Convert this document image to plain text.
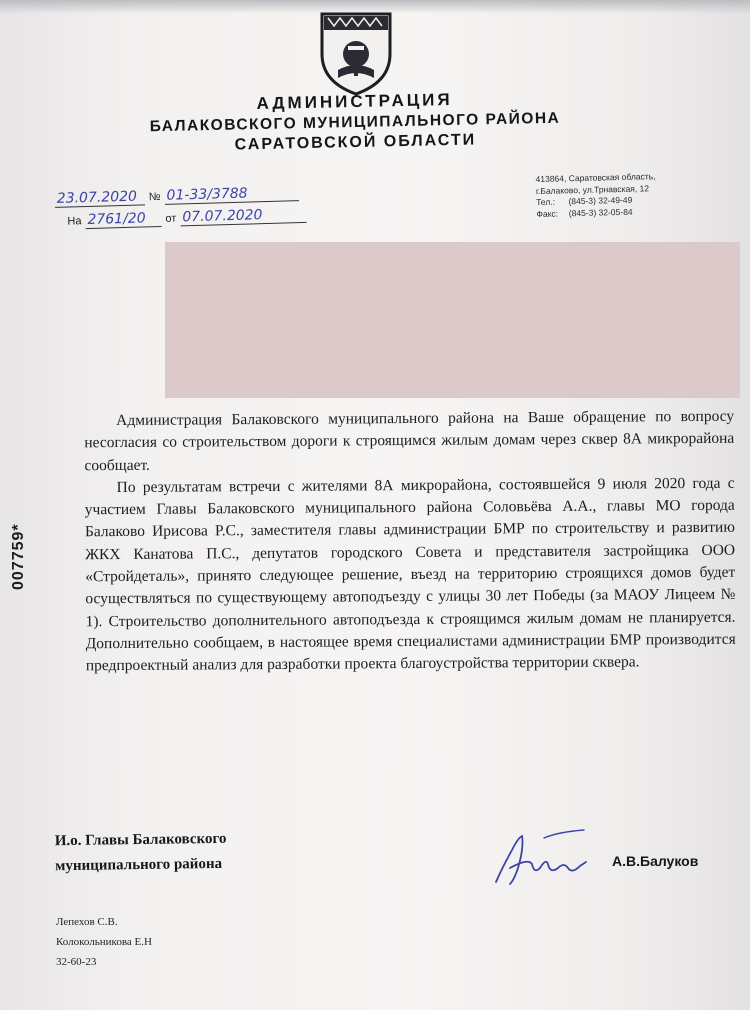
АДМИНИСТРАЦИЯ
БАЛАКОВСКОГО МУНИЦИПАЛЬНОГО РАЙОНА
САРАТОВСКОЙ ОБЛАСТИ
23.07.2020	№ 01-33/3788
На 2761/20	от 07.07.2020
413864, Саратовская область,
г.Балаково, ул.Трнавская, 12
Тел.: (845-3) 32-49-49
Факс: (845-3) 32-05-84

Администрация Балаковского муниципального района на Ваше обращение по вопросу несогласия со строительством дороги к строящимся жилым домам через сквер 8А микрорайона сообщает.

По результатам встречи с жителями 8А микрорайона, состоявшейся 9 июля 2020 года с участием Главы Балаковского муниципального района Соловьёва А.А., главы МО города Балаково Ирисова Р.С., заместителя главы администрации БМР по строительству и развитию ЖКХ Канатова П.С., депутатов городского Совета и представителя застройщика ООО «Стройдеталь», принято следующее решение, въезд на территорию строящихся домов будет осуществляться по существующему автоподъезду с улицы 30 лет Победы (за МАОУ Лицеем № 1). Строительство дополнительного автоподъезда к строящимся жилым домам не планируется. Дополнительно сообщаем, в настоящее время специалистами администрации БМР производится предпроектный анализ для разработки проекта благоустройства территории сквера.

007759*
И.о. Главы Балаковского
муниципального района	А.В.Балуков
Лепехов С.В.
Колокольникова Е.Н
32-60-23
